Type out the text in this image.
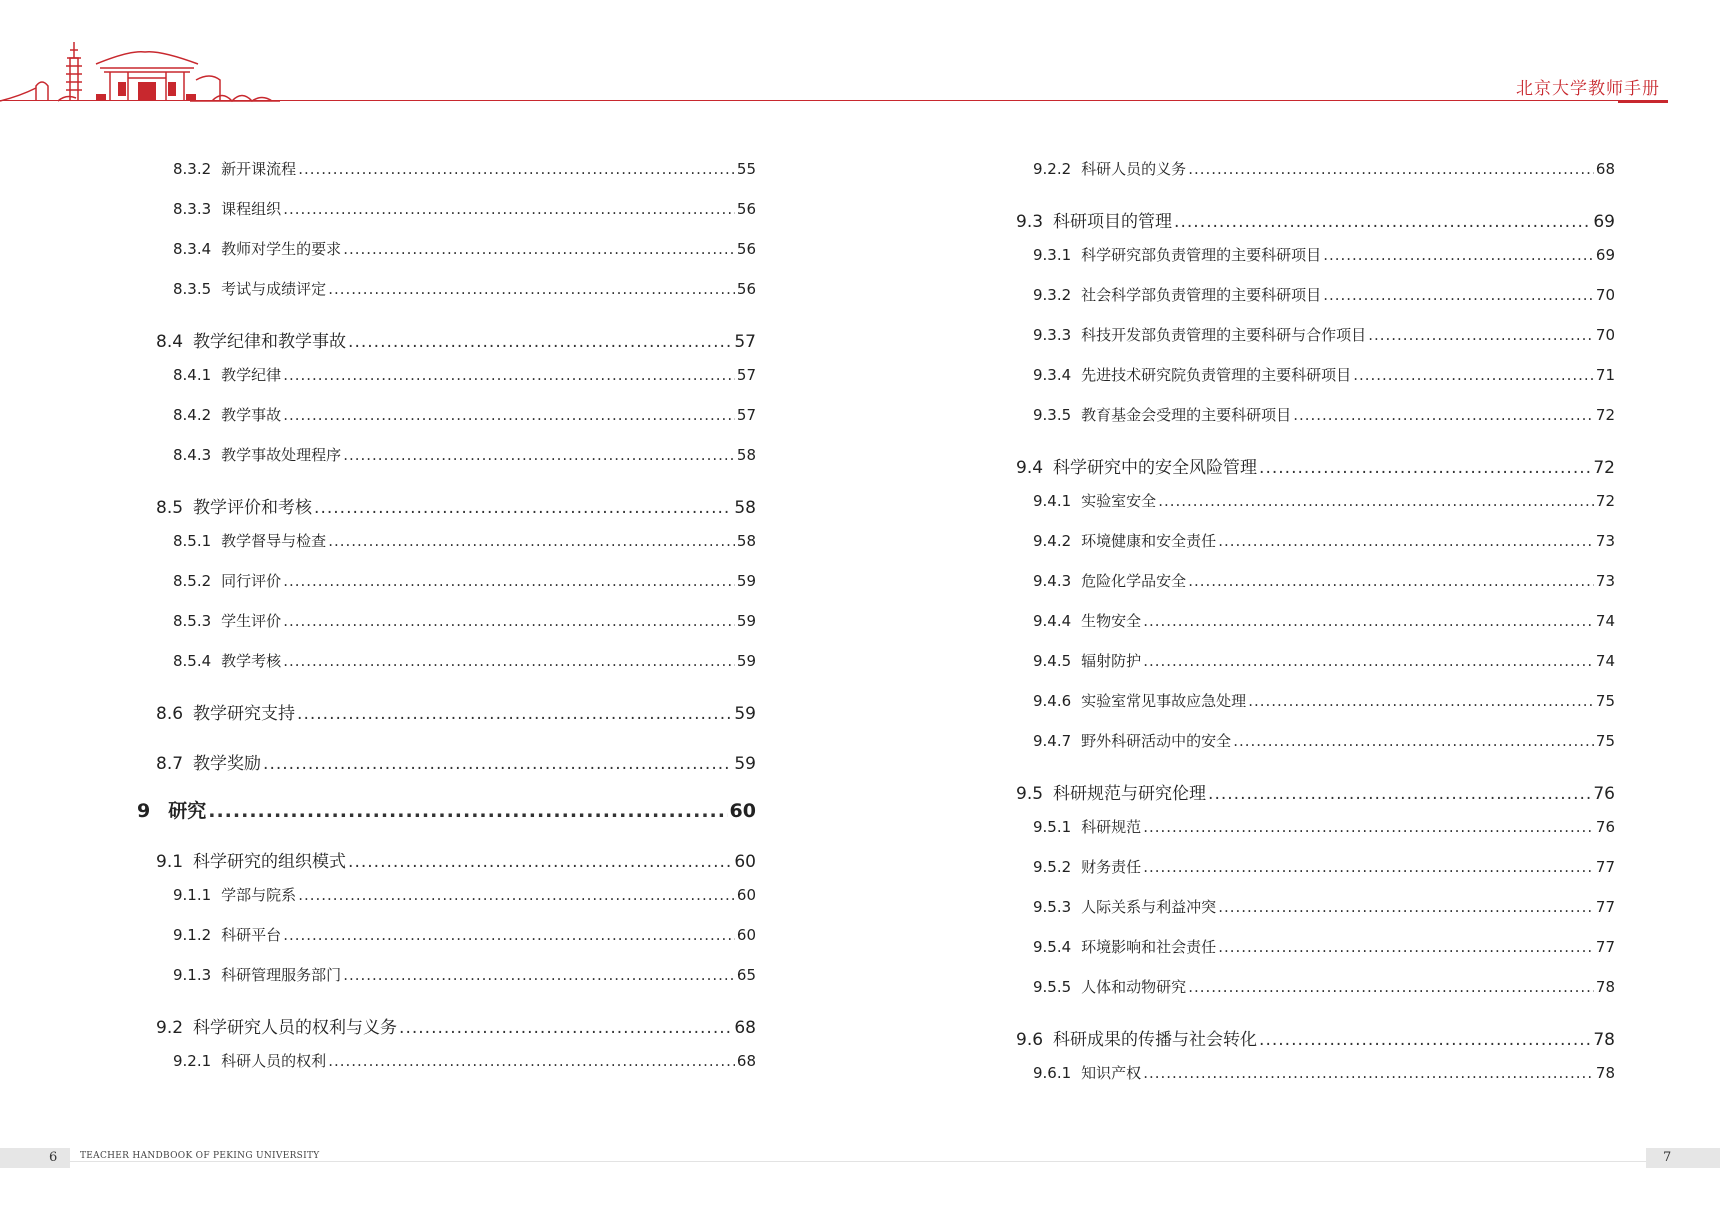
北京大学教师手册
8.3.2 新开课流程 .....	55
8.3.3 课程组织 .....	56
8.3.4 教师对学生的要求 .....	56
8.3.5 考试与成绩评定 .....	56
8.4 教学纪律和教学事故 .....	57
8.4.1 教学纪律 .....	57
8.4.2 教学事故 .....	57
8.4.3 教学事故处理程序 .....	58
8.5 教学评价和考核 .....	58
8.5.1 教学督导与检查 .....	58
8.5.2 同行评价 .....	59
8.5.3 学生评价 .....	59
8.5.4 教学考核 .....	59
8.6 教学研究支持 .....	59
8.7 教学奖励 .....	59
9 研究 .....	60
9.1 科学研究的组织模式 .....	60
9.1.1 学部与院系 .....	60
9.1.2 科研平台 .....	60
9.1.3 科研管理服务部门 .....	65
9.2 科学研究人员的权利与义务 .....	68
9.2.1 科研人员的权利 .....	68
9.2.2 科研人员的义务 .....	68
9.3 科研项目的管理 .....	69
9.3.1 科学研究部负责管理的主要科研项目 .....	69
9.3.2 社会科学部负责管理的主要科研项目 .....	70
9.3.3 科技开发部负责管理的主要科研与合作项目 .....	70
9.3.4 先进技术研究院负责管理的主要科研项目 .....	71
9.3.5 教育基金会受理的主要科研项目 .....	72
9.4 科学研究中的安全风险管理 .....	72
9.4.1 实验室安全 .....	72
9.4.2 环境健康和安全责任 .....	73
9.4.3 危险化学品安全 .....	73
9.4.4 生物安全 .....	74
9.4.5 辐射防护 .....	74
9.4.6 实验室常见事故应急处理 .....	75
9.4.7 野外科研活动中的安全 .....	75
9.5 科研规范与研究伦理 .....	76
9.5.1 科研规范 .....	76
9.5.2 财务责任 .....	77
9.5.3 人际关系与利益冲突 .....	77
9.5.4 环境影响和社会责任 .....	77
9.5.5 人体和动物研究 .....	78
9.6 科研成果的传播与社会转化 .....	78
9.6.1 知识产权 .....	78
6	7
TEACHER HANDBOOK OF PEKING UNIVERSITY
